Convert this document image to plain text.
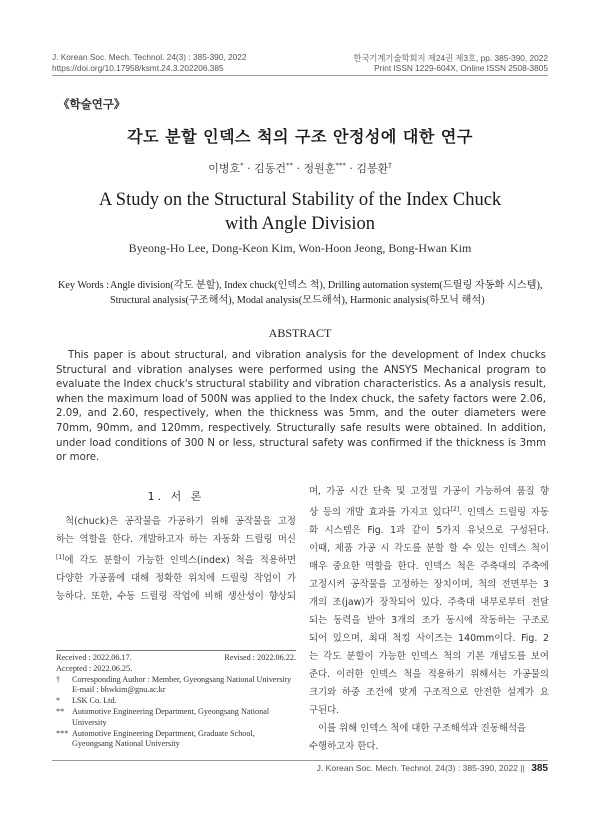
J. Korean Soc. Mech. Technol. 24(3) : 385-390, 2022
https://doi.org/10.17958/ksmt.24.3.202206.385
한국기계기술학회지 제24권 제3호, pp. 385-390, 2022
Print ISSN 1229-604X, Online ISSN 2508-3805
《학술연구》
각도 분할 인덱스 척의 구조 안정성에 대한 연구
이병호* · 김동건** · 정원훈*** · 김봉환†
A Study on the Structural Stability of the Index Chuck
with Angle Division
Byeong-Ho Lee, Dong-Keon Kim, Won-Hoon Jeong, Bong-Hwan Kim
Key Words : Angle division(각도 분할), Index chuck(인덱스 척), Drilling automation system(드릴링 자동화 시스템),
Structural analysis(구조해석), Modal analysis(모드해석), Harmonic analysis(하모닉 해석)
ABSTRACT
This paper is about structural, and vibration analysis for the development of Index chucks
Structural and vibration analyses were performed using the ANSYS Mechanical program to
evaluate the Index chuck's structural stability and vibration characteristics. As a analysis result,
when the maximum load of 500N was applied to the Index chuck, the safety factors were 2.06,
2.09, and 2.60, respectively, when the thickness was 5mm, and the outer diameters were
70mm, 90mm, and 120mm, respectively. Structurally safe results were obtained. In addition,
under load conditions of 300 N or less, structural safety was confirmed if the thickness is 3mm
or more.
1. 서 론
척(chuck)은 공작물을 가공하기 위해 공작물을 고정
하는 역할을 한다. 개발하고자 하는 자동화 드릴링 머신
[1]에 각도 분할이 가능한 인덱스(index) 척을 적용하면
다양한 가공품에 대해 정확한 위치에 드릴링 작업이 가
능하다. 또한, 수동 드릴링 작업에 비해 생산성이 향상되
Received : 2022.06.17.	Revised : 2022.06.22.
Accepted : 2022.06.25.
†	Corresponding Author : Member, Gyeongsang National University
E-mail : bhwkim@gnu.ac.kr
*	LSK Co. Ltd.
** Automotive Engineering Department, Gyeongsang National University
*** Automotive Engineering Department, Graduate School, Gyeongsang National University
며, 가공 시간 단축 및 고정밀 가공이 가능하여 품질 향
상 등의 개발 효과를 가지고 있다[2]. 인덱스 드릴링 자동
화 시스템은 Fig. 1과 같이 5가지 유닛으로 구성된다.
이때, 제품 가공 시 각도를 분할 할 수 있는 인덱스 척이
매우 중요한 역할을 한다. 인덱스 척은 주축대의 주축에
고정시켜 공작물을 고정하는 장치이며, 척의 전면부는 3
개의 조(jaw)가 장착되어 있다. 주축대 내부로부터 전달
되는 동력을 받아 3개의 조가 동시에 작동하는 구조로
되어 있으며, 최대 척킹 사이즈는 140mm이다. Fig. 2
는 각도 분할이 가능한 인덱스 척의 기본 개념도를 보여
준다. 이러한 인덱스 척을 적용하기 위해서는 가공물의
크기와 하중 조건에 맞게 구조적으로 안전한 설계가 요
구된다.
이를 위해 인덱스 척에 대한 구조해석과 진동해석을
수행하고자 한다.
J. Korean Soc. Mech. Technol. 24(3) : 385-390, 2022 || 385
